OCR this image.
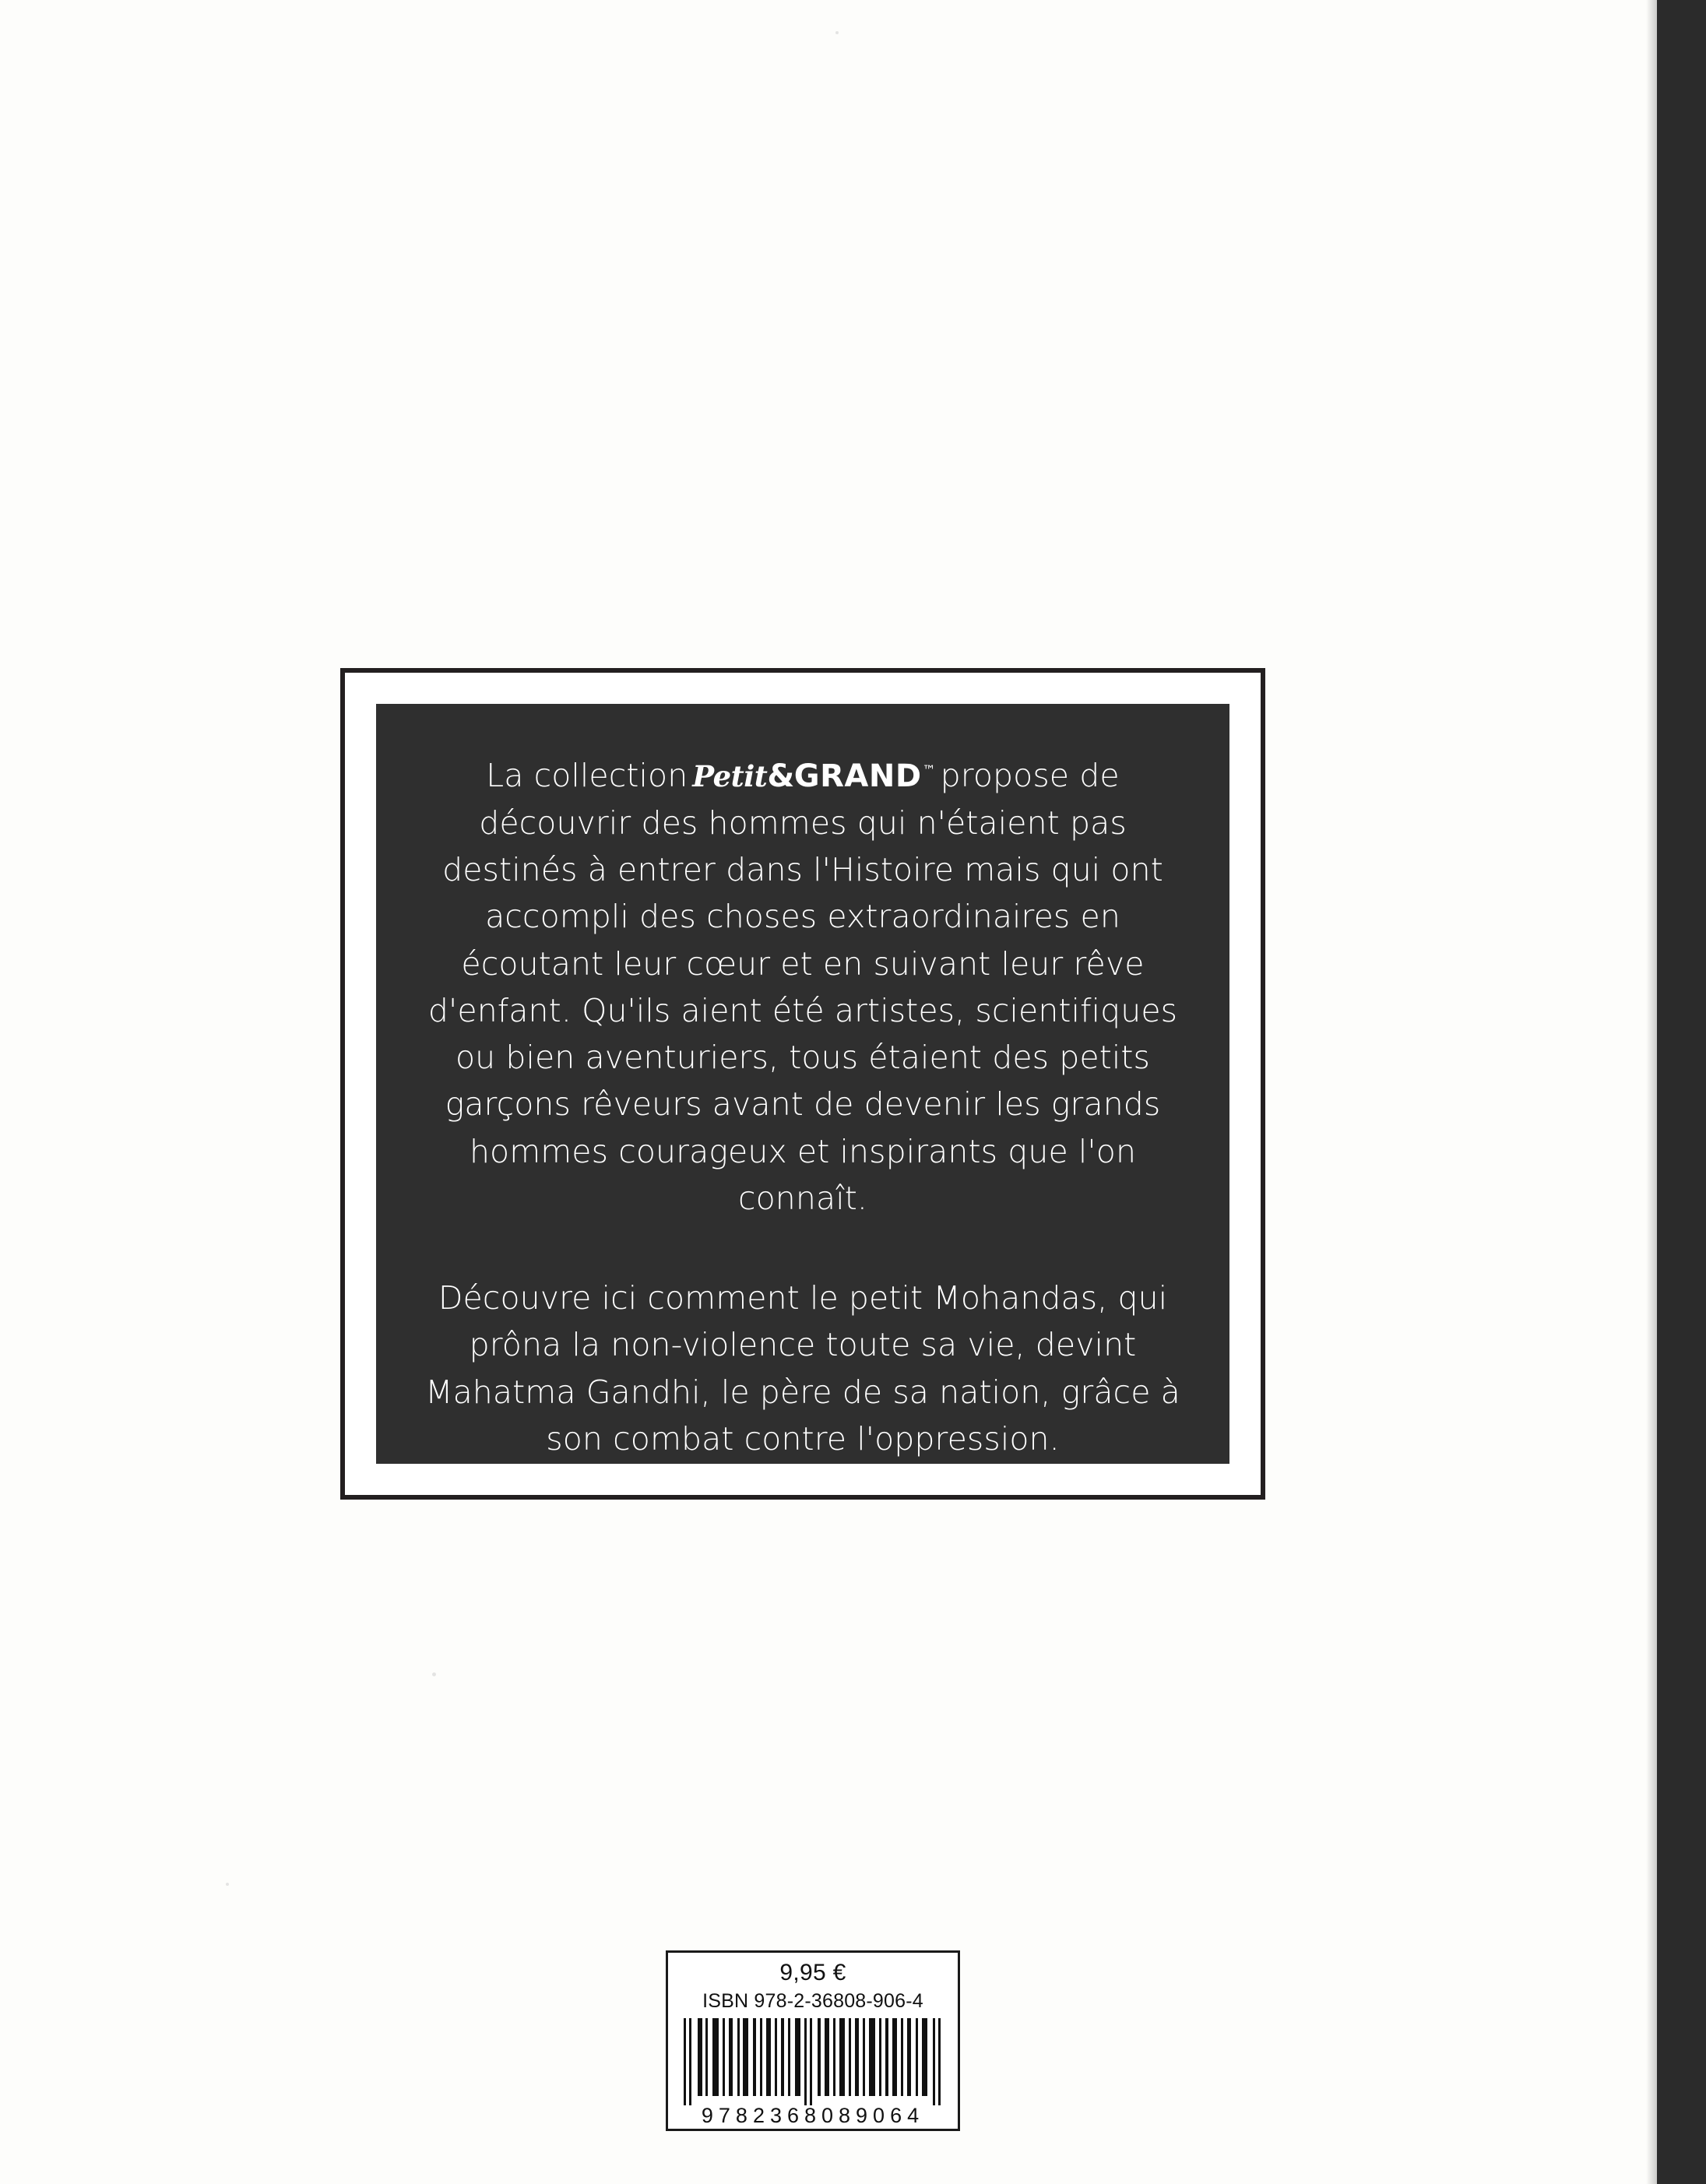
La collection Petit&GRAND™ propose de découvrir des hommes qui n'étaient pas destinés à entrer dans l'Histoire mais qui ont accompli des choses extraordinaires en écoutant leur cœur et en suivant leur rêve d'enfant. Qu'ils aient été artistes, scientifiques ou bien aventuriers, tous étaient des petits garçons rêveurs avant de devenir les grands hommes courageux et inspirants que l'on connaît.

Découvre ici comment le petit Mohandas, qui prôna la non-violence toute sa vie, devint Mahatma Gandhi, le père de sa nation, grâce à son combat contre l'oppression.

9,95 €
ISBN 978-2-36808-906-4
9782368089064
